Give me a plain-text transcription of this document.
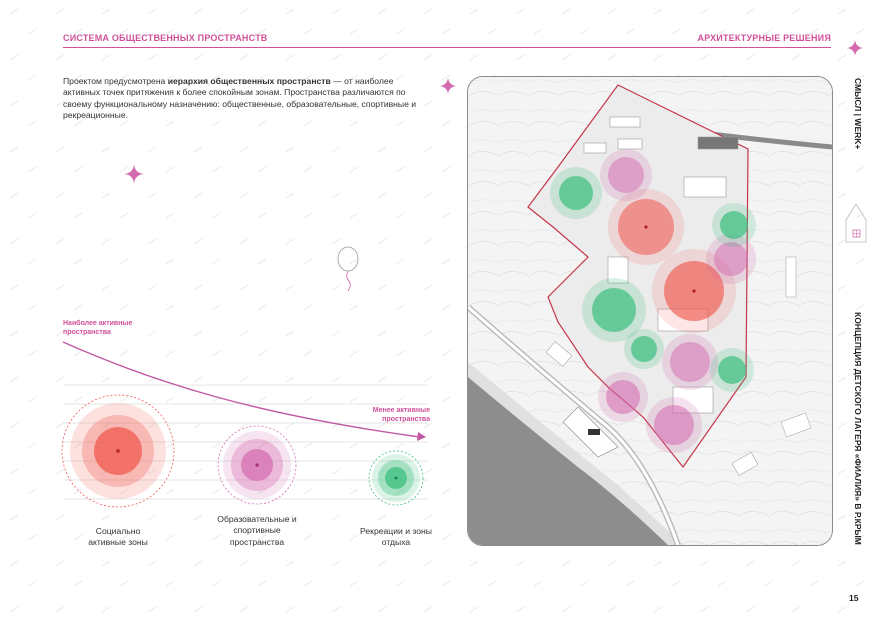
СИСТЕМА ОБЩЕСТВЕННЫХ ПРОСТРАНСТВ	АРХИТЕКТУРНЫЕ РЕШЕНИЯ
Проектом предусмотрена иерархия общественных пространств — от наиболее активных точек притяжения к более спокойным зонам. Пространства различаются по своему функциональному назначению: общественные, образовательные, спортивные и рекреационные.
Наиболее активные пространства
Менее активные пространства
Социально активные зоны
Образовательные и спортивные пространства
Рекреации и зоны отдыха
СМЫСЛ | WERK+
КОНЦЕПЦИЯ ДЕТСКОГО ЛАГЕРЯ «ФИАЛИЯ» В Р.КРЫМ
15
